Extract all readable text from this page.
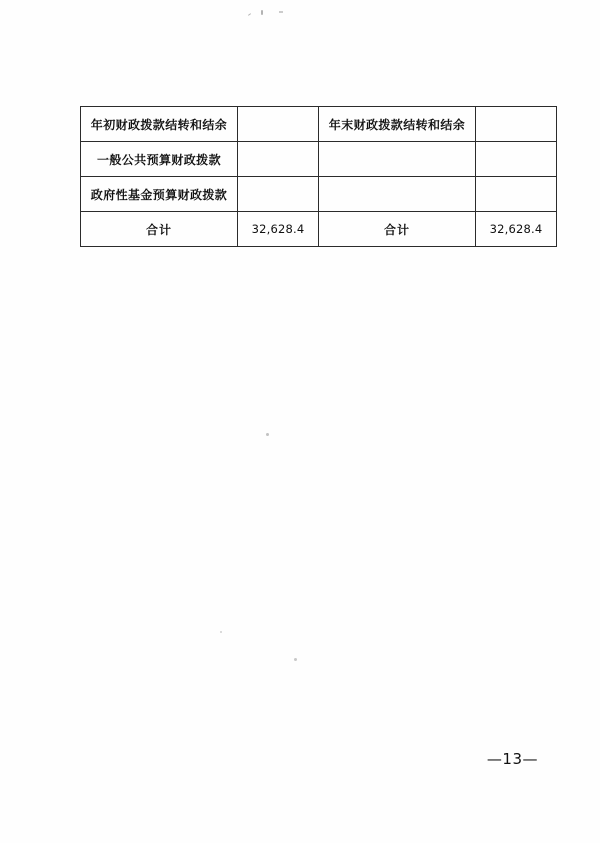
年初财政拨款结转和结余		年末财政拨款结转和结余	
一般公共预算财政拨款			
政府性基金预算财政拨款			
合计	32,628.4	合计	32,628.4
—13—
